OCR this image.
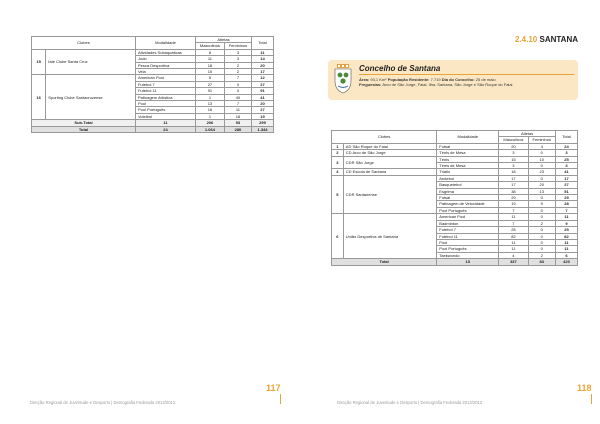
Clubes		Modalidade	Atletas		Total
			Masculinos	Femininos	
15	Iate Clube Santa Cruz	Atividades Subaquáticas	8	3	11
		Judo	11	3	14
		Pesca Desportiva	18	2	20
		Vela	15	2	17
16	Sporting Clube Santacruzense	American Pool	5	7	12
		Futebol 7	27	0	27
		Futebol 11	91	0	91
		Patinagem Artística	1	40	41
		Pool	13	7	20
		Pool Português	16	11	27
		Voleibol	1	18	19
Sub-Total		11	206	93	299
Total		24	1.064	280	1.344
117
Direção Regional de Juventude e Desporto | Demografia Federada 2013/2012
2.4.10 SANTANA
Concelho de Santana
Área: 93,1 Km² População Residente: 7.719 Dia do Concelho: 25 de maio
Freguesias: Arco de São Jorge, Faial, Ilha, Santana, São Jorge e São Roque do Faial
Clubes		Modalidade	Atletas		Total
			Masculinos	Femininos	
1	AD São Roque do Faial	Futsal	20	4	24
2	CD Arco de São Jorge	Ténis de Mesa	3	0	3
3	CDR São Jorge	Ténis	15	10	25
		Ténis de Mesa	3	0	3
4	CD Escola de Santana	Triatlo	18	23	41
5	CDR Santanense	Andebol	17	0	17
		Basquetebol	17	20	27
		Esgrima	38	13	51
		Futsal	29	0	29
		Patinagem de Velocidade	19	9	28
		Pool Português	7	0	7
6	União Desportiva de Santana	American Pool	11	0	11
		Badminton	7	2	9
		Futebol 7	25	0	25
		Futebol 11	82	0	82
		Pool	11	0	11
		Pool Português	11	0	11
		Taekwondo	4	2	6
Total		15	337	83	420
118
Direção Regional de Juventude e Desporto | Demografia Federada 2013/2012
